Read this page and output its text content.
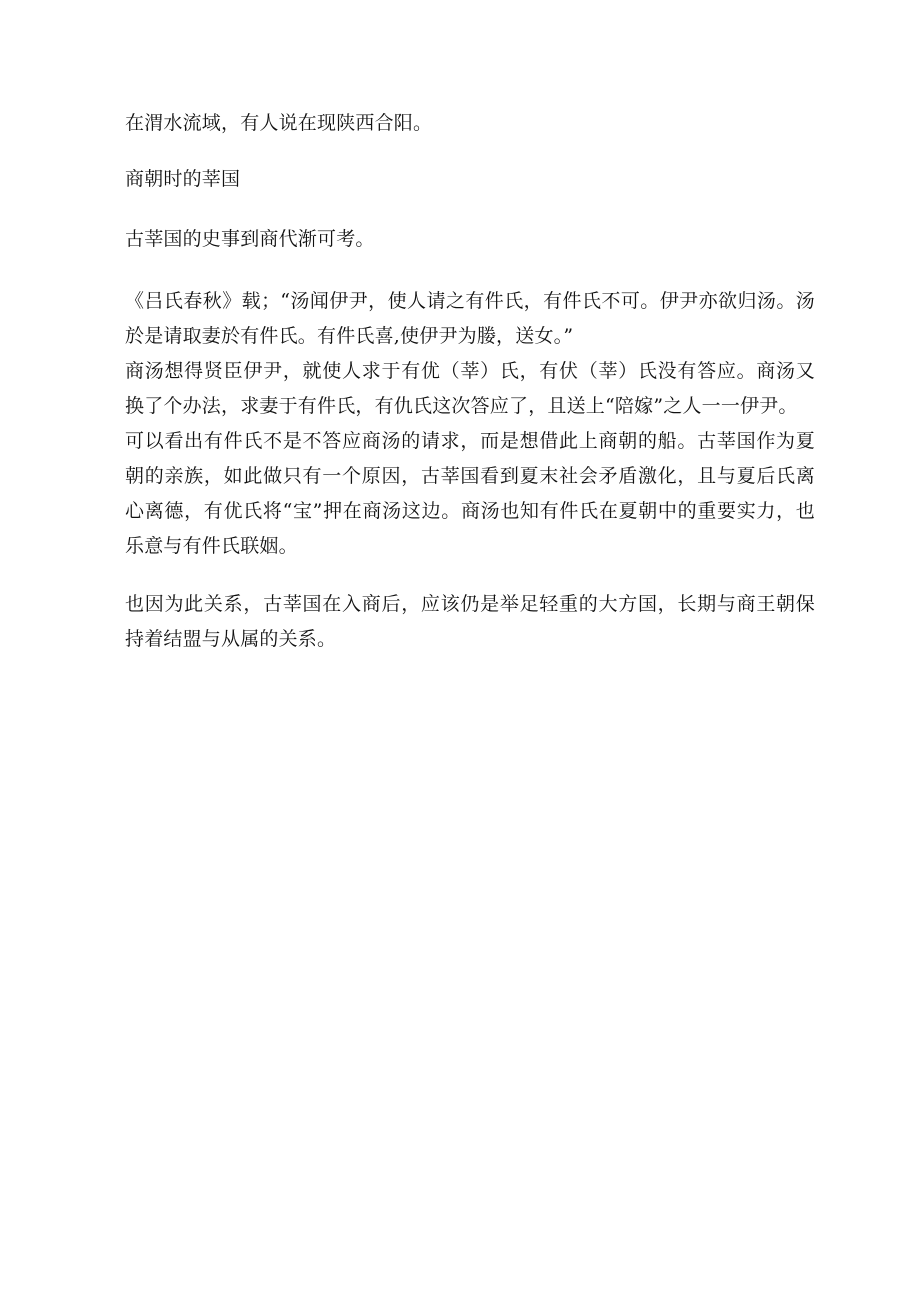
在渭水流域，有人说在现陕西合阳。

商朝时的莘国

古莘国的史事到商代渐可考。

《吕氏春秋》载；“汤闻伊尹，使人请之有件氏，有件氏不可。伊尹亦欲归汤。汤於是请取妻於有件氏。有件氏喜,使伊尹为媵，送女。”

商汤想得贤臣伊尹，就使人求于有优（莘）氏，有伏（莘）氏没有答应。商汤又换了个办法，求妻于有件氏，有仇氏这次答应了，且送上“陪嫁”之人一一伊尹。

可以看出有件氏不是不答应商汤的请求，而是想借此上商朝的船。古莘国作为夏朝的亲族，如此做只有一个原因，古莘国看到夏末社会矛盾激化，且与夏后氏离心离德，有优氏将“宝”押在商汤这边。商汤也知有件氏在夏朝中的重要实力，也乐意与有件氏联姻。

也因为此关系，古莘国在入商后，应该仍是举足轻重的大方国，长期与商王朝保持着结盟与从属的关系。
